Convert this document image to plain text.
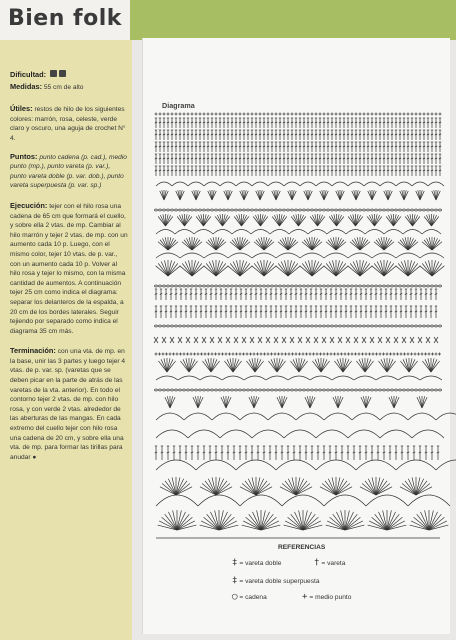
Bien folk

Dificultad:

Medidas: 55 cm de alto

Útiles: restos de hilo de los siguientes colores: marrón, rosa, celeste, verde claro y oscuro, una aguja de crochet N° 4.

Puntos: punto cadena (p. cad.), medio punto (mp.), punto vareta (p. var.), punto vareta doble (p. var. dob.), punto vareta superpuesta (p. var. sp.)

Ejecución: tejer con el hilo rosa una cadena de 65 cm que formará el cuello, y sobre ella 2 vtas. de mp. Cambiar al hilo marrón y tejer 2 vtas. de mp. con un aumento cada 10 p. Luego, con el mismo color, tejer 10 vtas. de p. var., con un aumento cada 10 p. Volver al hilo rosa y tejer lo mismo, con la misma cantidad de aumentos. A continuación tejer 25 cm como indica el diagrama: separar los delanteros de la espalda, a 20 cm de los bordes laterales. Seguir tejiendo por separado como indica el diagrama 35 cm más.

Terminación: con una vta. de mp. en la base, unir las 3 partes y luego tejer 4 vtas. de p. var. sp. (varetas que se deben picar en la parte de atrás de las varetas de la vta. anterior). En todo el contorno tejer 2 vtas. de mp. con hilo rosa, y con verde 2 vtas. alrededor de las aberturas de las mangas. En cada extremo del cuello tejer con hilo rosa una cadena de 20 cm, y sobre ella una vta. de mp. para formar las tirillas para anudar ●

Diagrama
REFERENCIAS
‡ = vareta doble	† = vareta
‡ = vareta doble superpuesta
◯ = cadena	+ = medio punto
